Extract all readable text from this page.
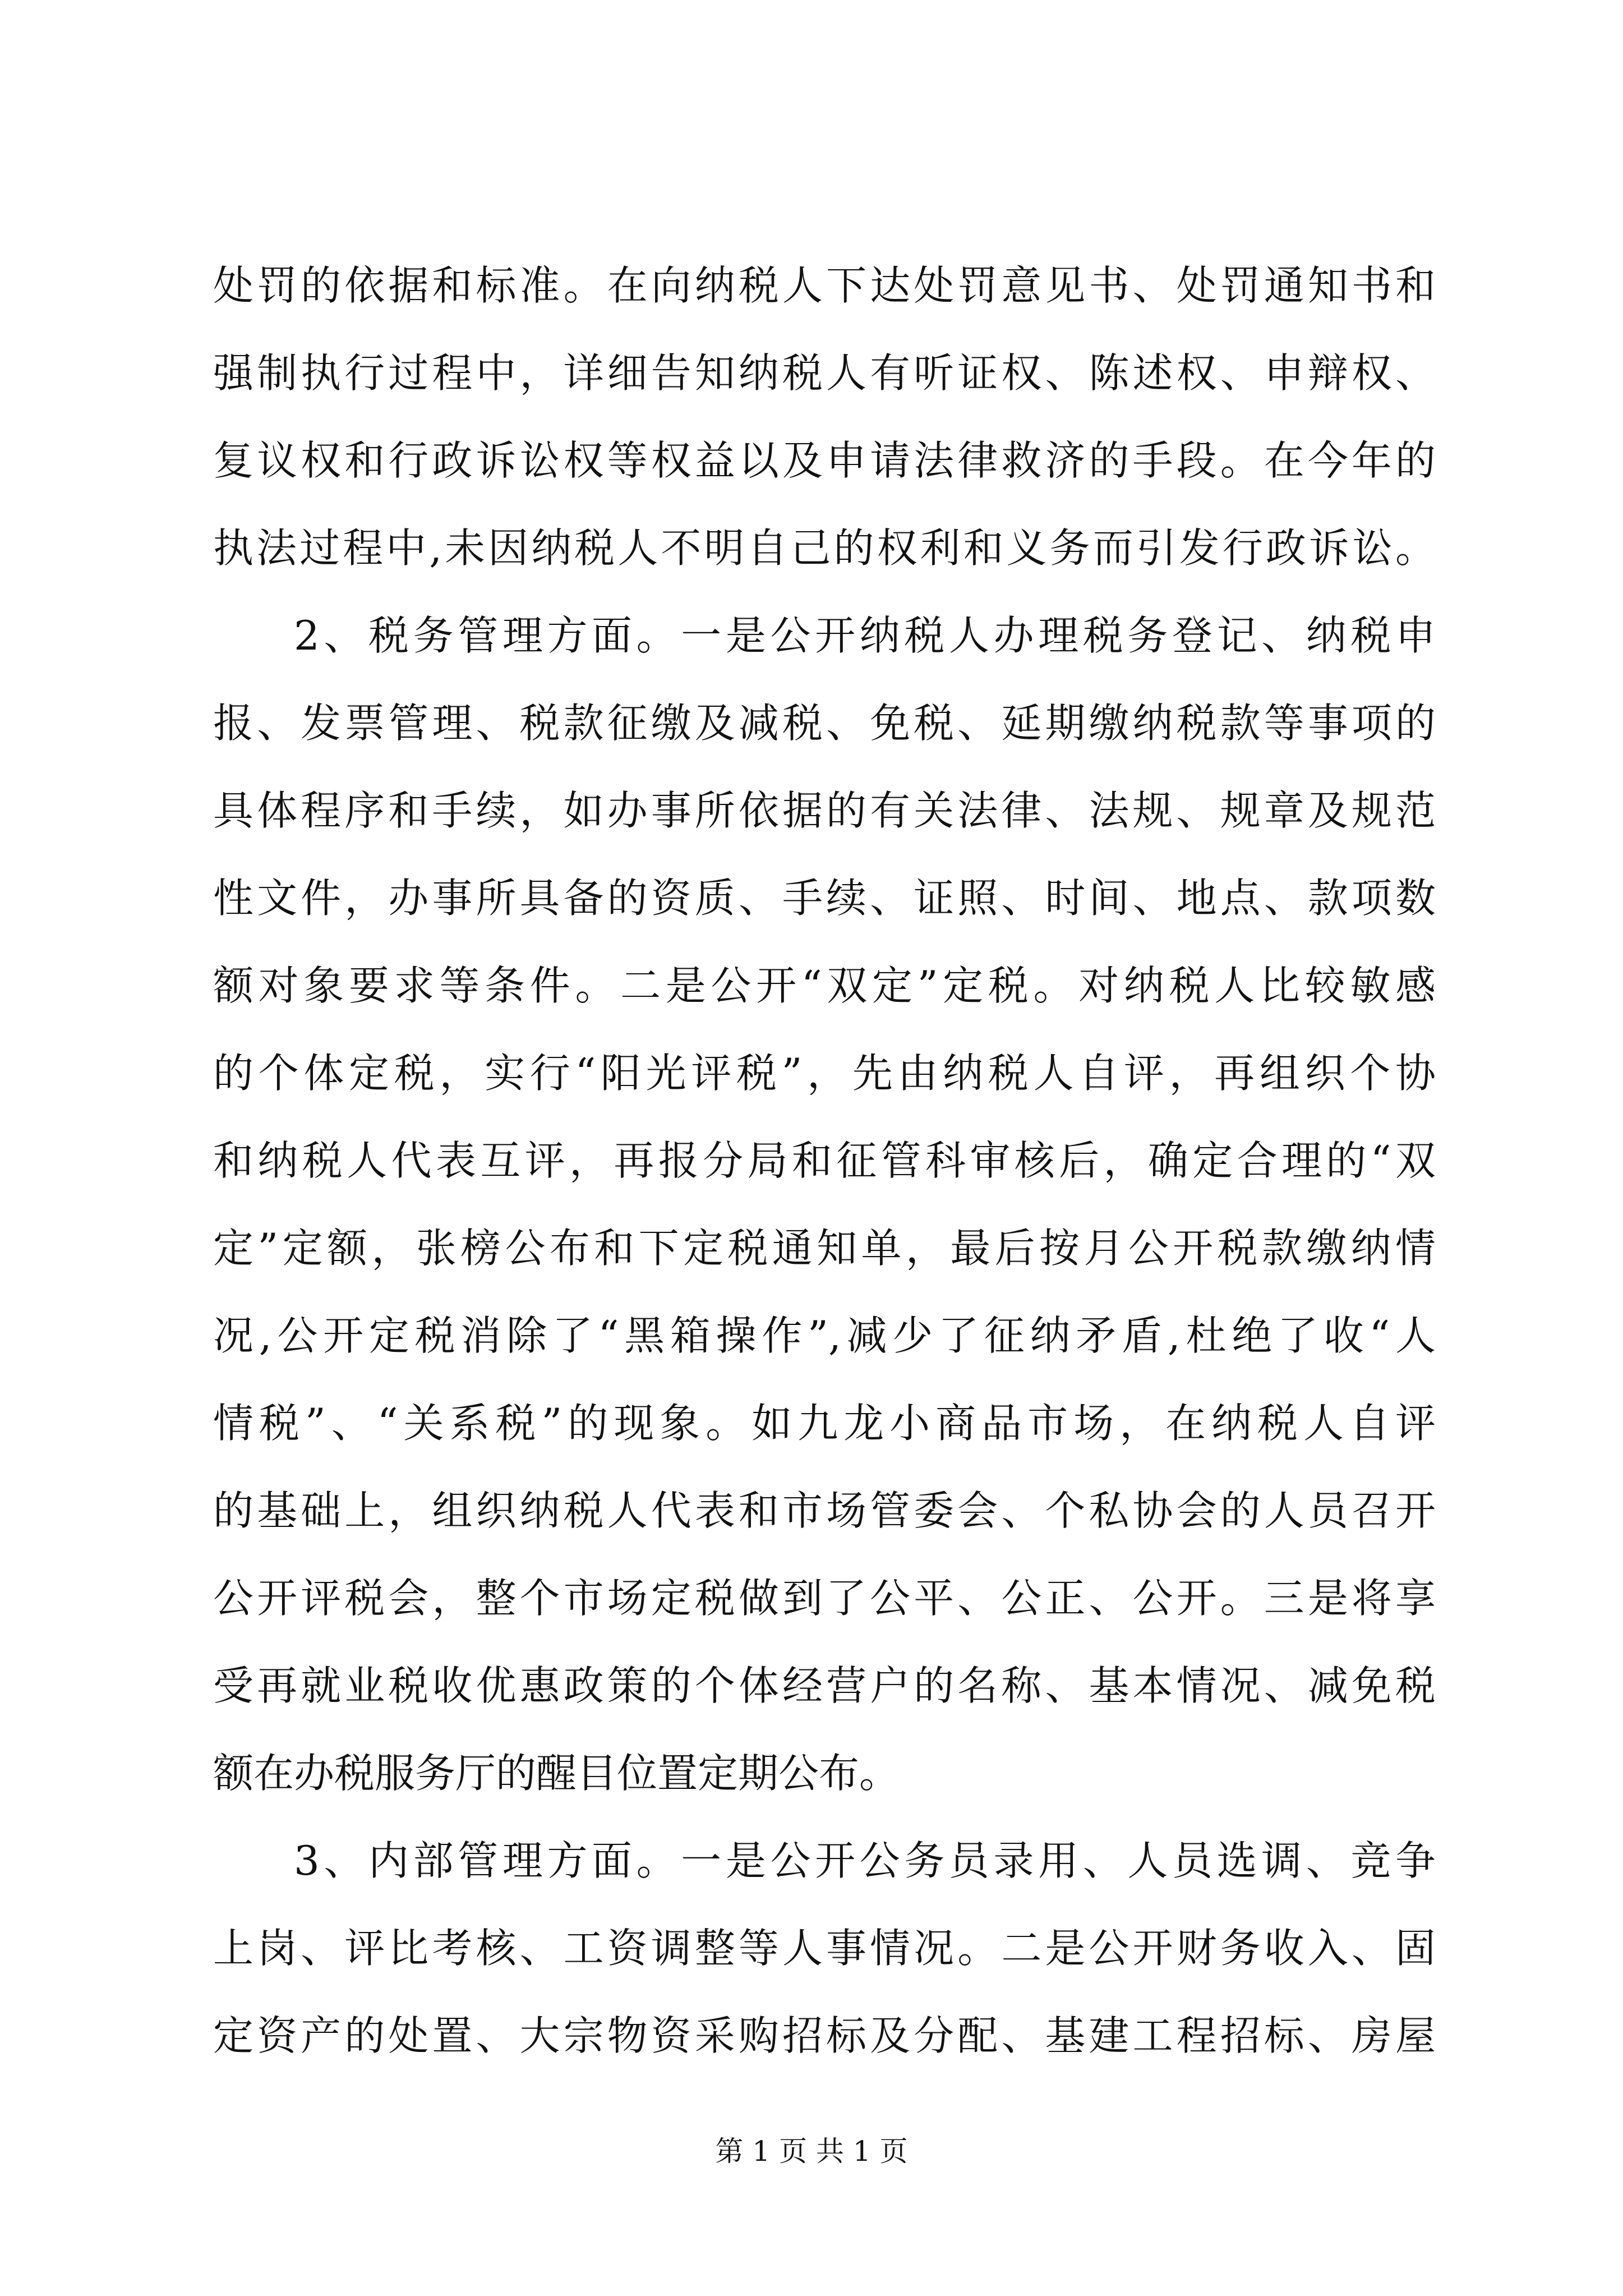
处罚的依据和标准。在向纳税人下达处罚意见书、处罚通知书和
强制执行过程中，详细告知纳税人有听证权、陈述权、申辩权、
复议权和行政诉讼权等权益以及申请法律救济的手段。在今年的
执法过程中,未因纳税人不明自己的权利和义务而引发行政诉讼。
2、税务管理方面。一是公开纳税人办理税务登记、纳税申
报、发票管理、税款征缴及减税、免税、延期缴纳税款等事项的
具体程序和手续，如办事所依据的有关法律、法规、规章及规范
性文件，办事所具备的资质、手续、证照、时间、地点、款项数
额对象要求等条件。二是公开“双定”定税。对纳税人比较敏感
的个体定税，实行“阳光评税”，先由纳税人自评，再组织个协
和纳税人代表互评，再报分局和征管科审核后，确定合理的“双
定”定额，张榜公布和下定税通知单，最后按月公开税款缴纳情
况,公开定税消除了“黑箱操作”,减少了征纳矛盾,杜绝了收“人
情税”、“关系税”的现象。如九龙小商品市场，在纳税人自评
的基础上，组织纳税人代表和市场管委会、个私协会的人员召开
公开评税会，整个市场定税做到了公平、公正、公开。三是将享
受再就业税收优惠政策的个体经营户的名称、基本情况、减免税
额在办税服务厅的醒目位置定期公布。
3、内部管理方面。一是公开公务员录用、人员选调、竞争
上岗、评比考核、工资调整等人事情况。二是公开财务收入、固
定资产的处置、大宗物资采购招标及分配、基建工程招标、房屋
第 1 页 共 1 页
